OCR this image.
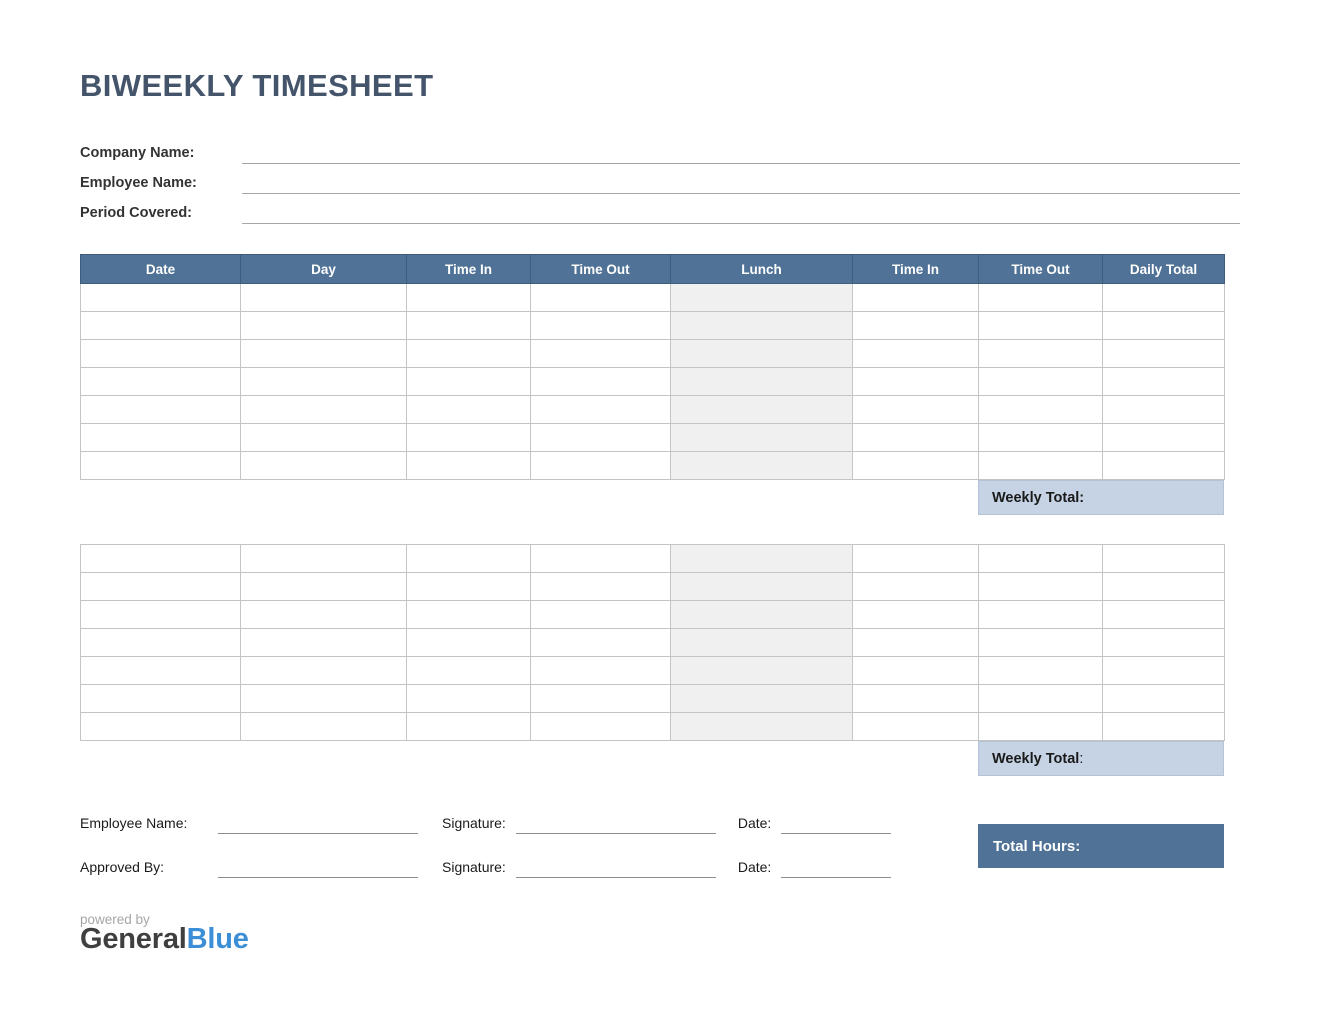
BIWEEKLY TIMESHEET
Company Name:
Employee Name:
Period Covered:
Date	Day	Time In	Time Out	Lunch	Time In	Time Out	Daily Total

Weekly Total:

Weekly Total :
Employee Name:	Signature:	Date:
Approved By:	Signature:	Date:
Total Hours:
powered by
GeneralBlue
